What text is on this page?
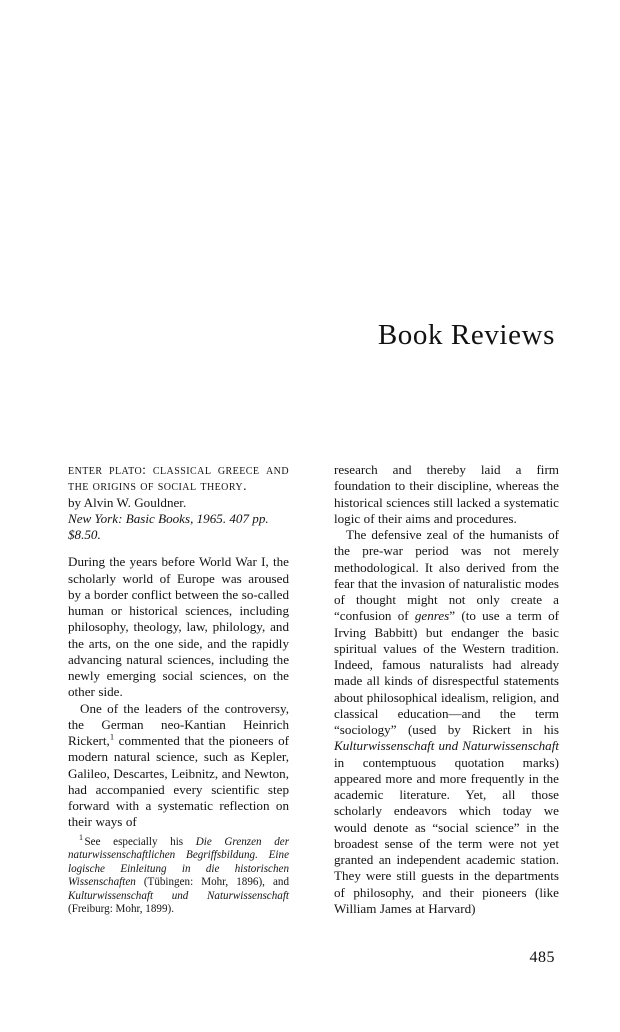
Book Reviews
enter plato: classical greece and
the origins of social theory.
by Alvin W. Gouldner.
New York: Basic Books, 1965. 407 pp.
$8.50.

During the years before World War I, the scholarly world of Europe was aroused by a border conflict between the so-called human or historical sciences, including philosophy, theology, law, philology, and the arts, on the one side, and the rapidly advancing natural sciences, including the newly emerging social sciences, on the other side.

One of the leaders of the controversy, the German neo-Kantian Heinrich Rickert,$^1$ commented that the pioneers of modern natural science, such as Kepler, Galileo, Descartes, Leibnitz, and Newton, had accompanied every scientific step forward with a systematic reflection on their ways of

$^1$ See especially his Die Grenzen der naturwissenschaftlichen Begriffsbildung. Eine logische Einleitung in die historischen Wissenschaften (Tübingen: Mohr, 1896), and Kulturwissenschaft und Naturwissenschaft (Freiburg: Mohr, 1899).

research and thereby laid a firm foundation to their discipline, whereas the historical sciences still lacked a systematic logic of their aims and procedures.

The defensive zeal of the humanists of the pre-war period was not merely methodological. It also derived from the fear that the invasion of naturalistic modes of thought might not only create a “confusion of genres” (to use a term of Irving Babbitt) but endanger the basic spiritual values of the Western tradition. Indeed, famous naturalists had already made all kinds of disrespectful statements about philosophical idealism, religion, and classical education—and the term “sociology” (used by Rickert in his Kulturwissenschaft und Naturwissenschaft in contemptuous quotation marks) appeared more and more frequently in the academic literature. Yet, all those scholarly endeavors which today we would denote as “social science” in the broadest sense of the term were not yet granted an independent academic station. They were still guests in the departments of philosophy, and their pioneers (like William James at Harvard)

485
